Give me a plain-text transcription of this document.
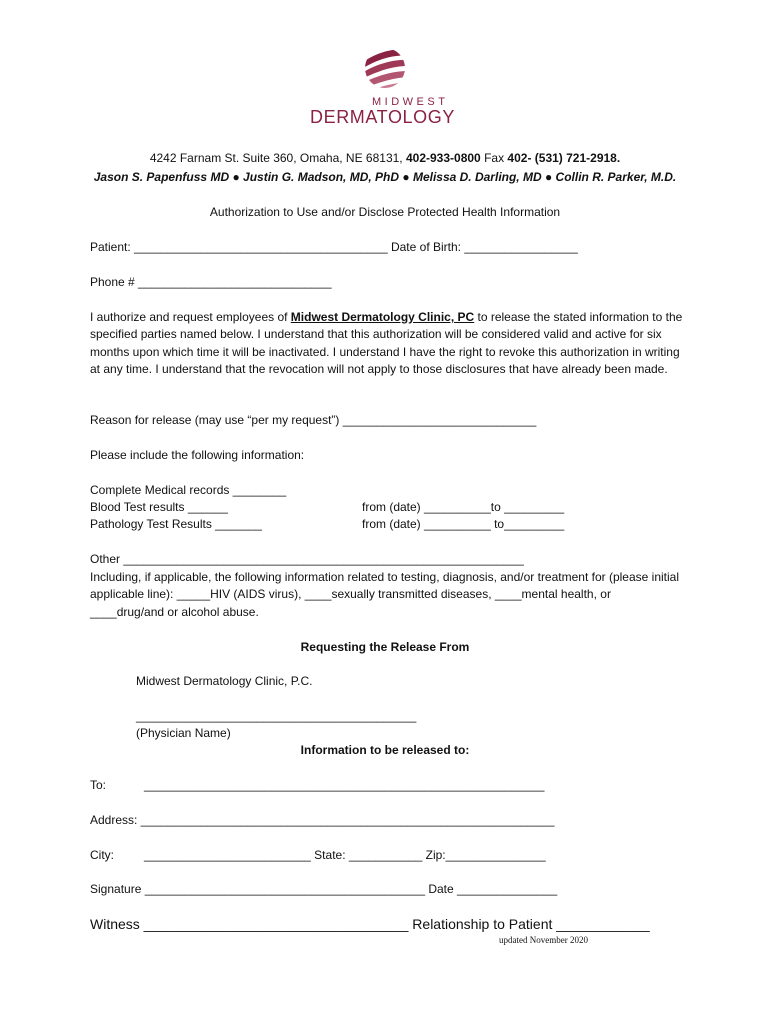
MIDWEST
DERMATOLOGY
4242 Farnam St. Suite 360, Omaha, NE 68131, 402-933-0800 Fax 402- (531) 721-2918.
Jason S. Papenfuss MD ● Justin G. Madson, MD, PhD ● Melissa D. Darling, MD ● Collin R. Parker, M.D.
Authorization to Use and/or Disclose Protected Health Information
Patient: ______________________________________ Date of Birth: _________________
Phone # _____________________________
I authorize and request employees of Midwest Dermatology Clinic, PC to release the stated information to the specified parties named below. I understand that this authorization will be considered valid and active for six months upon which time it will be inactivated. I understand I have the right to revoke this authorization in writing at any time. I understand that the revocation will not apply to those disclosures that have already been made.
Reason for release (may use “per my request”) _____________________________
Please include the following information:
Complete Medical records ________
Blood Test results ______
Pathology Test Results _______
from (date) __________to _________
from (date) __________ to_________
Other ____________________________________________________________
Including, if applicable, the following information related to testing, diagnosis, and/or treatment for (please initial applicable line): _____HIV (AIDS virus), ____sexually transmitted diseases, ____mental health, or ____drug/and or alcohol abuse.
Requesting the Release From
Midwest Dermatology Clinic, P.C.
__________________________________________
(Physician Name)
Information to be released to:
To:	____________________________________________________________
Address: ______________________________________________________________
City:	_________________________ State: ___________ Zip:_______________
Signature __________________________________________ Date _______________
Witness __________________________________ Relationship to Patient ____________
updated November 2020
